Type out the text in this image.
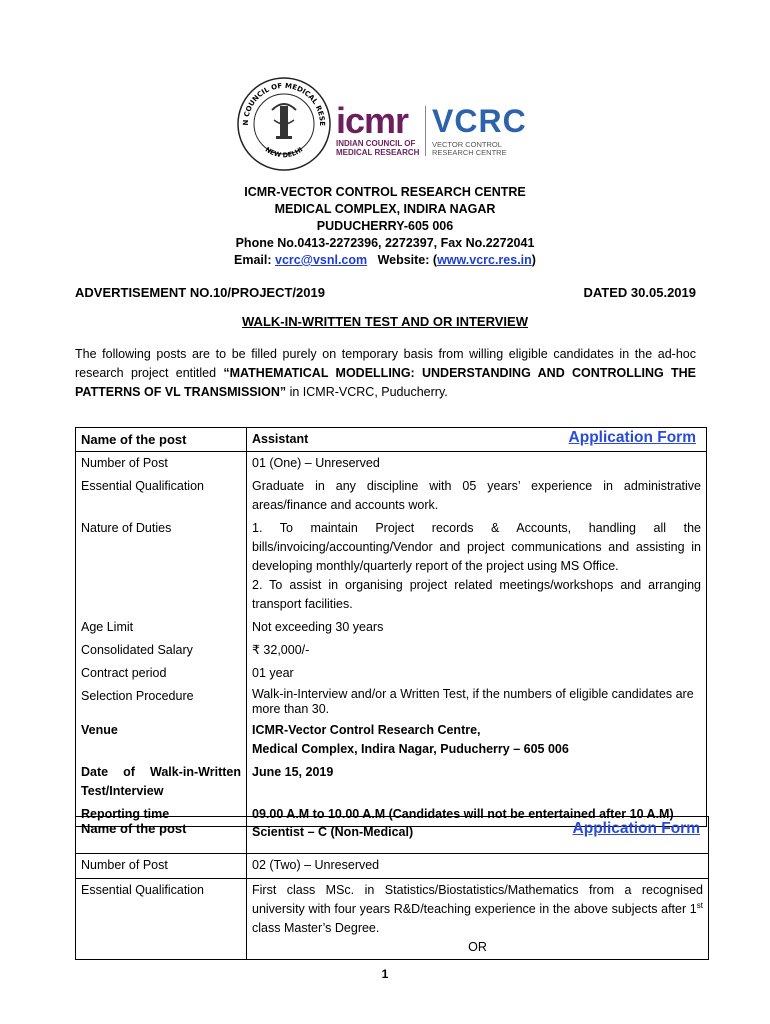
N COUNCIL OF MEDICAL RESE
NEW DELHI
icmr
INDIAN COUNCIL OF
MEDICAL RESEARCH
VCRC
VECTOR CONTROL
RESEARCH CENTRE
ICMR-VECTOR CONTROL RESEARCH CENTRE
MEDICAL COMPLEX, INDIRA NAGAR
PUDUCHERRY-605 006
Phone No.0413-2272396, 2272397, Fax No.2272041
Email: vcrc@vsnl.com Website: (www.vcrc.res.in)
ADVERTISEMENT NO.10/PROJECT/2019	DATED 30.05.2019
WALK-IN-WRITTEN TEST AND OR INTERVIEW
The following posts are to be filled purely on temporary basis from willing eligible candidates in the ad-hoc research project entitled “MATHEMATICAL MODELLING: UNDERSTANDING AND CONTROLLING THE PATTERNS OF VL TRANSMISSION” in ICMR-VCRC, Puducherry.
Name of the post	Assistant Application Form

Number of Post	01 (One) – Unreserved
Essential Qualification	Graduate in any discipline with 05 years’ experience in administrative areas/finance and accounts work.
Nature of Duties	1. To maintain Project records & Accounts, handling all the bills/invoicing/accounting/Vendor and project communications and assisting in developing monthly/quarterly report of the project using MS Office.
2. To assist in organising project related meetings/workshops and arranging transport facilities.

Age Limit	Not exceeding 30 years
Consolidated Salary	₹ 32,000/-
Contract period	01 year
Selection Procedure	Walk-in-Interview and/or a Written Test, if the numbers of eligible candidates are more than 30.
Venue	ICMR-Vector Control Research Centre,
Medical Complex, Indira Nagar, Puducherry – 605 006

Date of Walk-in-Written Test/Interview	June 15, 2019
Reporting time	09.00 A.M to 10.00 A.M (Candidates will not be entertained after 10 A.M)
Name of the post	Scientist – C (Non-Medical) Application Form

Number of Post	02 (Two) – Unreserved
Essential Qualification	First class MSc. in Statistics/Biostatistics/Mathematics from a recognised university with four years R&D/teaching experience in the above subjects after 1st class Master’s Degree.
OR
1
